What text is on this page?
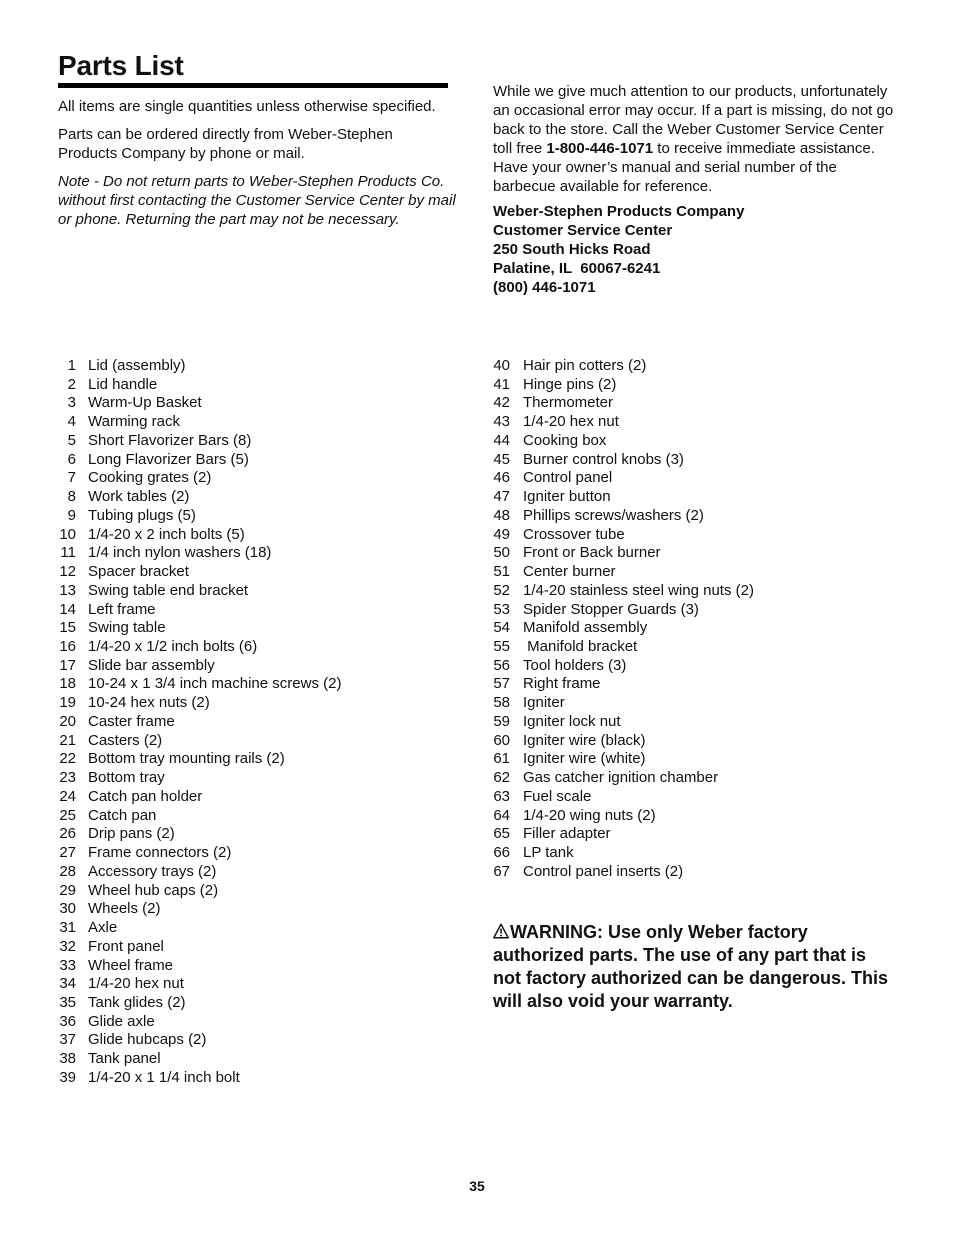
Parts List
All items are single quantities unless otherwise specified.
Parts can be ordered directly from Weber-Stephen Products Company by phone or mail.
Note - Do not return parts to Weber-Stephen Products Co. without first contacting the Customer Service Center by mail or phone. Returning the part may not be necessary.
While we give much attention to our products, unfortunately an occasional error may occur. If a part is missing, do not go back to the store. Call the Weber Customer Service Center toll free 1-800-446-1071 to receive immediate assistance. Have your owner’s manual and serial number of the barbecue available for reference.
Weber-Stephen Products Company
Customer Service Center
250 South Hicks Road
Palatine, IL  60067-6241
(800) 446-1071
1 Lid (assembly)
2 Lid handle
3 Warm-Up Basket
4 Warming rack
5 Short Flavorizer Bars (8)
6 Long Flavorizer Bars (5)
7 Cooking grates (2)
8 Work tables (2)
9 Tubing plugs (5)
10 1/4-20 x 2 inch bolts (5)
11 1/4 inch nylon washers (18)
12 Spacer bracket
13 Swing table end bracket
14 Left frame
15 Swing table
16 1/4-20 x 1/2 inch bolts (6)
17 Slide bar assembly
18 10-24 x 1 3/4 inch machine screws (2)
19 10-24 hex nuts (2)
20 Caster frame
21 Casters (2)
22 Bottom tray mounting rails (2)
23 Bottom tray
24 Catch pan holder
25 Catch pan
26 Drip pans (2)
27 Frame connectors (2)
28 Accessory trays (2)
29 Wheel hub caps (2)
30 Wheels (2)
31 Axle
32 Front panel
33 Wheel frame
34 1/4-20 hex nut
35 Tank glides (2)
36 Glide axle
37 Glide hubcaps (2)
38 Tank panel
39 1/4-20 x 1 1/4 inch bolt
40 Hair pin cotters (2)
41 Hinge pins (2)
42 Thermometer
43 1/4-20 hex nut
44 Cooking box
45 Burner control knobs (3)
46 Control panel
47 Igniter button
48 Phillips screws/washers (2)
49 Crossover tube
50 Front or Back burner
51 Center burner
52 1/4-20 stainless steel wing nuts (2)
53 Spider Stopper Guards (3)
54 Manifold assembly
55 Manifold bracket
56 Tool holders (3)
57 Right frame
58 Igniter
59 Igniter lock nut
60 Igniter wire (black)
61 Igniter wire (white)
62 Gas catcher ignition chamber
63 Fuel scale
64 1/4-20 wing nuts (2)
65 Filler adapter
66 LP tank
67 Control panel inserts (2)
WARNING: Use only Weber factory authorized parts. The use of any part that is not factory authorized can be dangerous. This will also void your warranty.
35
